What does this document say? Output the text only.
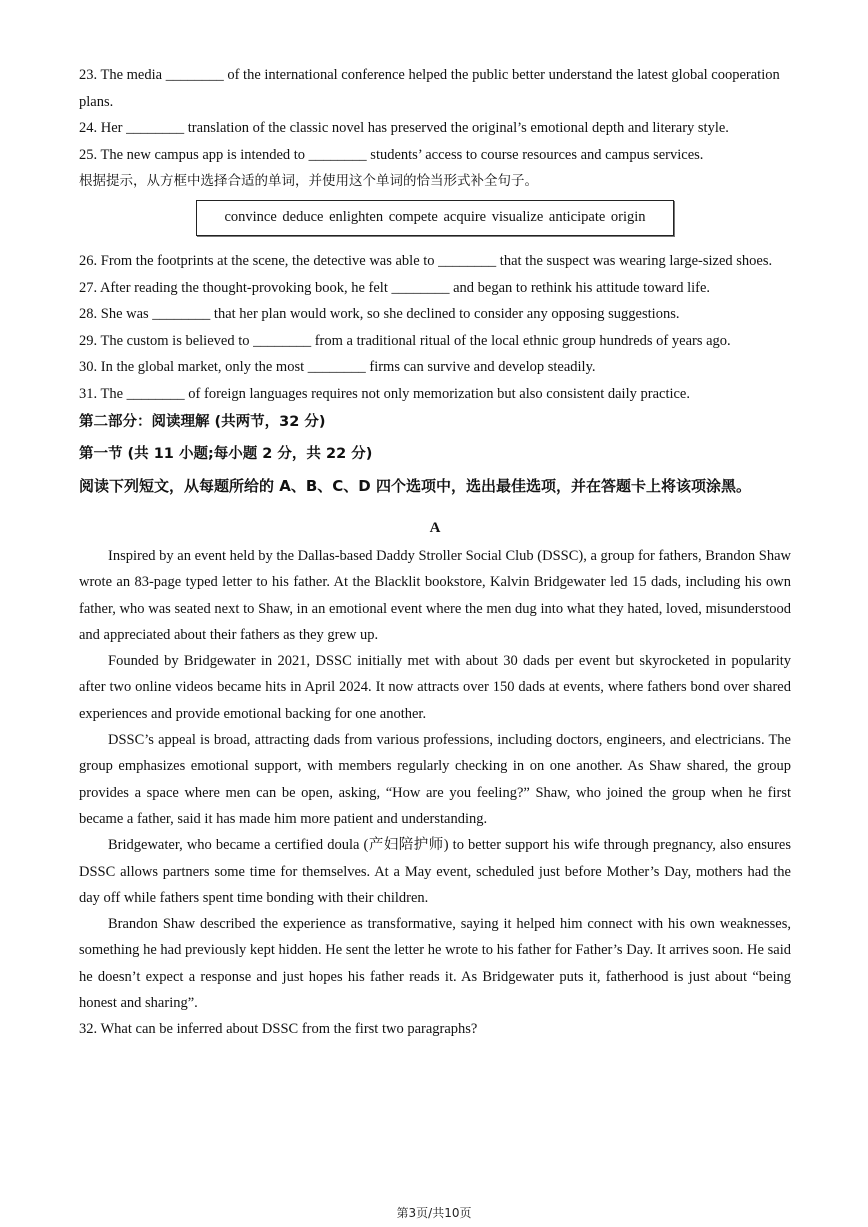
23. The media ________ of the international conference helped the public better understand the latest global cooperation plans.

24. Her ________ translation of the classic novel has preserved the original’s emotional depth and literary style.

25. The new campus app is intended to ________ students’ access to course resources and campus services.

根据提示，从方框中选择合适的单词，并使用这个单词的恰当形式补全句子。

convince deduce enlighten compete acquire visualize anticipate origin

26. From the footprints at the scene, the detective was able to ________ that the suspect was wearing large-sized shoes.

27. After reading the thought-provoking book, he felt ________ and began to rethink his attitude toward life.

28. She was ________ that her plan would work, so she declined to consider any opposing suggestions.

29. The custom is believed to ________ from a traditional ritual of the local ethnic group hundreds of years ago.

30. In the global market, only the most ________ firms can survive and develop steadily.

31. The ________ of foreign languages requires not only memorization but also consistent daily practice.

第二部分：阅读理解 (共两节，32 分)

第一节 (共 11 小题;每小题 2 分，共 22 分)

阅读下列短文，从每题所给的 A、B、C、D 四个选项中，选出最佳选项，并在答题卡上将该项涂黑。

A

Inspired by an event held by the Dallas-based Daddy Stroller Social Club (DSSC), a group for fathers, Brandon Shaw wrote an 83-page typed letter to his father. At the Blacklit bookstore, Kalvin Bridgewater led 15 dads, including his own father, who was seated next to Shaw, in an emotional event where the men dug into what they hated, loved, misunderstood and appreciated about their fathers as they grew up.

Founded by Bridgewater in 2021, DSSC initially met with about 30 dads per event but skyrocketed in popularity after two online videos became hits in April 2024. It now attracts over 150 dads at events, where fathers bond over shared experiences and provide emotional backing for one another.

DSSC’s appeal is broad, attracting dads from various professions, including doctors, engineers, and electricians. The group emphasizes emotional support, with members regularly checking in on one another. As Shaw shared, the group provides a space where men can be open, asking, “How are you feeling?” Shaw, who joined the group when he first became a father, said it has made him more patient and understanding.

Bridgewater, who became a certified doula (产妇陪护师) to better support his wife through pregnancy, also ensures DSSC allows partners some time for themselves. At a May event, scheduled just before Mother’s Day, mothers had the day off while fathers spent time bonding with their children.

Brandon Shaw described the experience as transformative, saying it helped him connect with his own weaknesses, something he had previously kept hidden. He sent the letter he wrote to his father for Father’s Day. It arrives soon. He said he doesn’t expect a response and just hopes his father reads it. As Bridgewater puts it, fatherhood is just about “being honest and sharing”.

32. What can be inferred about DSSC from the first two paragraphs?

第3页/共10页
